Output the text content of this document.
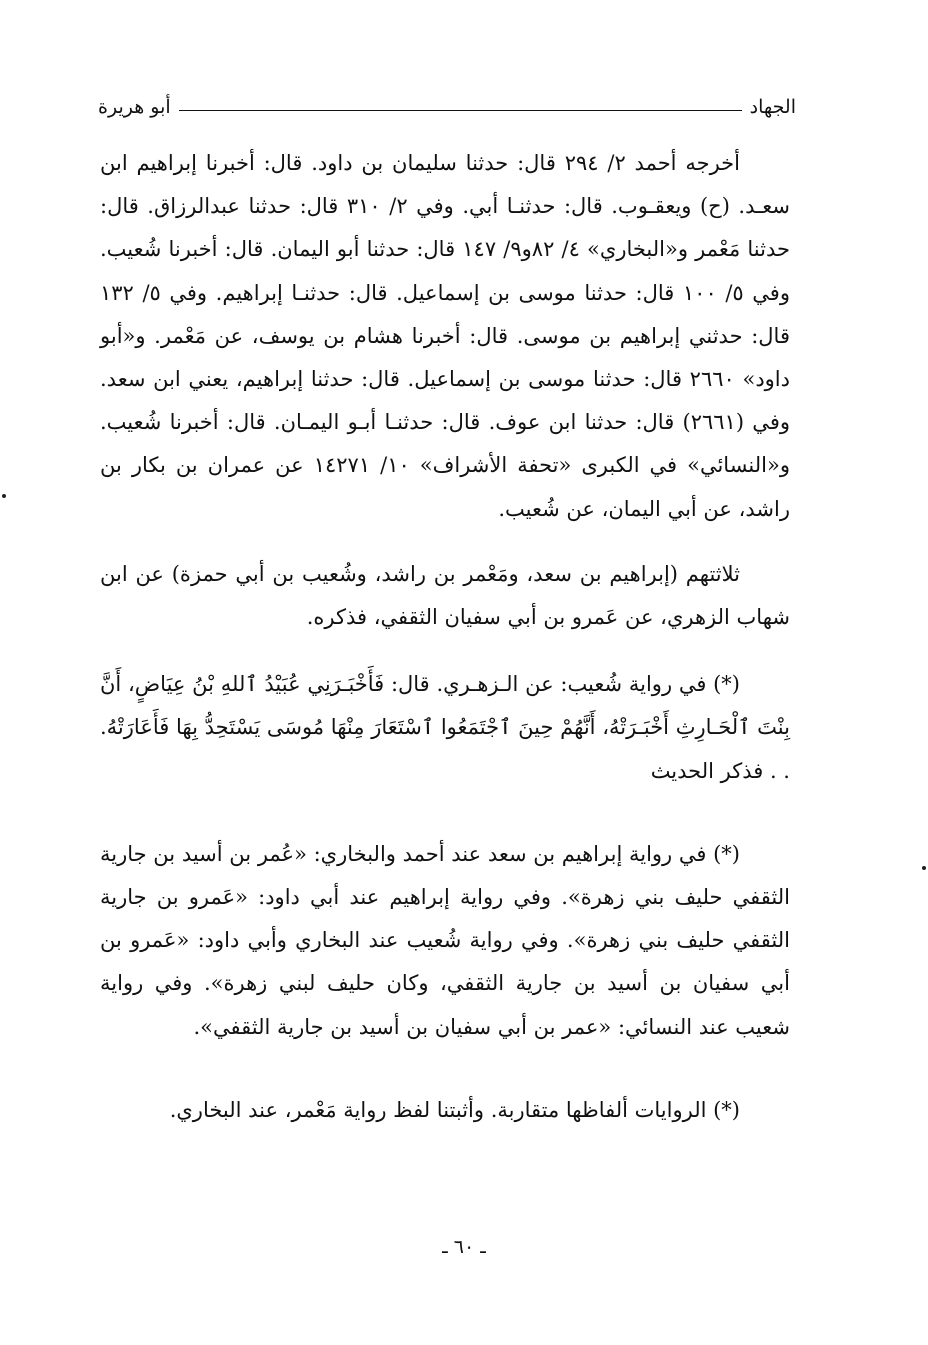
الجهاد
أبو هريرة

أخرجه أحمد ٢/ ٢٩٤ قال: حدثنا سليمان بن داود. قال: أخبرنا إبراهيم ابن سعـد. (ح) ويعقـوب. قال: حدثنـا أبي. وفي ٢/ ٣١٠ قال: حدثنا عبدالرزاق. قال: حدثنا مَعْمر و«البخاري» ٤/ ٨٢و٩/ ١٤٧ قال: حدثنا أبو اليمان. قال: أخبرنا شُعيب. وفي ٥/ ١٠٠ قال: حدثنا موسى بن إسماعيل. قال: حدثنـا إبراهيم. وفي ٥/ ١٣٢ قال: حدثني إبراهيم بن موسى. قال: أخبرنا هشام بن يوسف، عن مَعْمر. و«أبو داود» ٢٦٦٠ قال: حدثنا موسى بن إسماعيل. قال: حدثنا إبراهيم، يعني ابن سعد. وفي (٢٦٦١) قال: حدثنا ابن عوف. قال: حدثنـا أبـو اليمـان. قال: أخبرنا شُعيب. و«النسائي» في الكبرى «تحفة الأشراف» ١٠/ ١٤٢٧١ عن عمران بن بكار بن راشد، عن أبي اليمان، عن شُعيب.

ثلاثتهم (إبراهيم بن سعد، ومَعْمر بن راشد، وشُعيب بن أبي حمزة) عن ابن شهاب الزهري، عن عَمرو بن أبي سفيان الثقفي، فذكره.

(*) في رواية شُعيب: عن الـزهـري. قال: فَأَخْبَـرَنِي عُبَيْدُ ٱللهِ بْنُ عِيَاضٍ، أَنَّ بِنْتَ ٱلْحَـارِثِ أَخْبَـرَتْهُ، أَنَّهُمْ حِينَ ٱجْتَمَعُوا ٱسْتَعَارَ مِنْهَا مُوسَى يَسْتَحِدُّ بِهَا فَأَعَارَتْهُ. . . فذكر الحديث

(*) في رواية إبراهيم بن سعد عند أحمد والبخاري: «عُمر بن أسيد بن جارية الثقفي حليف بني زهرة». وفي رواية إبراهيم عند أبي داود: «عَمرو بن جارية الثقفي حليف بني زهرة». وفي رواية شُعيب عند البخاري وأبي داود: «عَمرو بن أبي سفيان بن أسيد بن جارية الثقفي، وكان حليف لبني زهرة». وفي رواية شعيب عند النسائي: «عمر بن أبي سفيان بن أسيد بن جارية الثقفي».

(*) الروايات ألفاظها متقاربة. وأثبتنا لفظ رواية مَعْمر، عند البخاري.

ـ ٦٠ ـ
